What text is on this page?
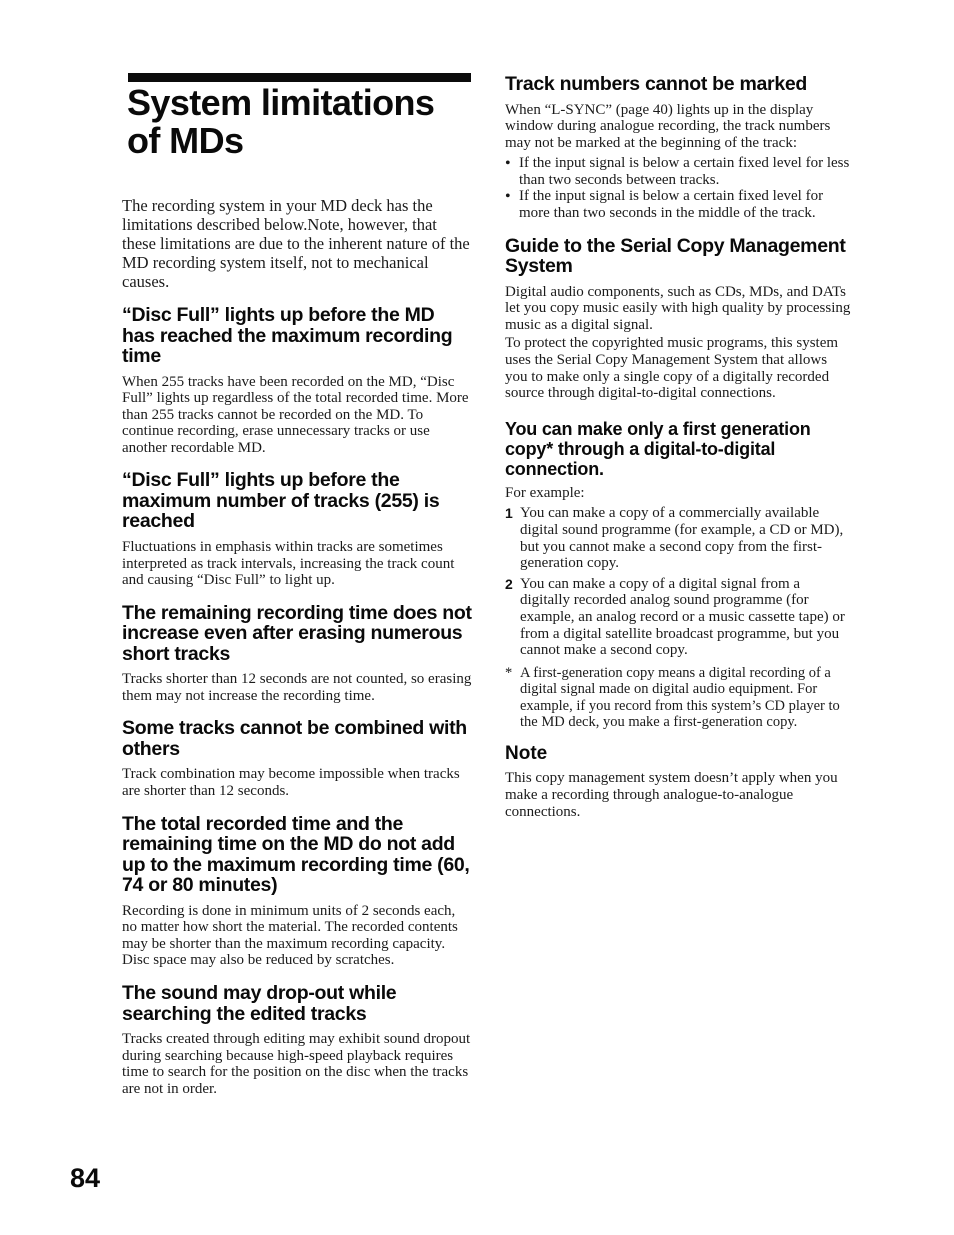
System limitations
of MDs

The recording system in your MD deck has the limitations described below.Note, however, that these limitations are due to the inherent nature of the MD recording system itself, not to mechanical causes.

“Disc Full” lights up before the MD has reached the maximum recording time

When 255 tracks have been recorded on the MD, “Disc Full” lights up regardless of the total recorded time. More than 255 tracks cannot be recorded on the MD. To continue recording, erase unnecessary tracks or use another recordable MD.

“Disc Full” lights up before the maximum number of tracks (255) is reached

Fluctuations in emphasis within tracks are sometimes interpreted as track intervals, increasing the track count and causing “Disc Full” to light up.

The remaining recording time does not increase even after erasing numerous short tracks

Tracks shorter than 12 seconds are not counted, so erasing them may not increase the recording time.

Some tracks cannot be combined with others

Track combination may become impossible when tracks are shorter than 12 seconds.

The total recorded time and the remaining time on the MD do not add up to the maximum recording time (60, 74 or 80 minutes)

Recording is done in minimum units of 2 seconds each, no matter how short the material. The recorded contents may be shorter than the maximum recording capacity. Disc space may also be reduced by scratches.

The sound may drop-out while searching the edited tracks

Tracks created through editing may exhibit sound dropout during searching because high-speed playback requires time to search for the position on the disc when the tracks are not in order.

Track numbers cannot be marked

When “L-SYNC” (page 40) lights up in the display window during analogue recording, the track numbers may not be marked at the beginning of the track:

• If the input signal is below a certain fixed level for less than two seconds between tracks.
• If the input signal is below a certain fixed level for more than two seconds in the middle of the track.
Guide to the Serial Copy Management System

Digital audio components, such as CDs, MDs, and DATs let you copy music easily with high quality by processing music as a digital signal.

To protect the copyrighted music programs, this system uses the Serial Copy Management System that allows you to make only a single copy of a digitally recorded source through digital-to-digital connections.

You can make only a first generation copy* through a digital-to-digital connection.

For example:

1 You can make a copy of a commercially available digital sound programme (for example, a CD or MD), but you cannot make a second copy from the first-generation copy.
2 You can make a copy of a digital signal from a digitally recorded analog sound programme (for example, an analog record or a music cassette tape) or from a digital satellite broadcast programme, but you cannot make a second copy.
* A first-generation copy means a digital recording of a digital signal made on digital audio equipment. For example, if you record from this system’s CD player to the MD deck, you make a first-generation copy.
Note

This copy management system doesn’t apply when you make a recording through analogue-to-analogue connections.

84
